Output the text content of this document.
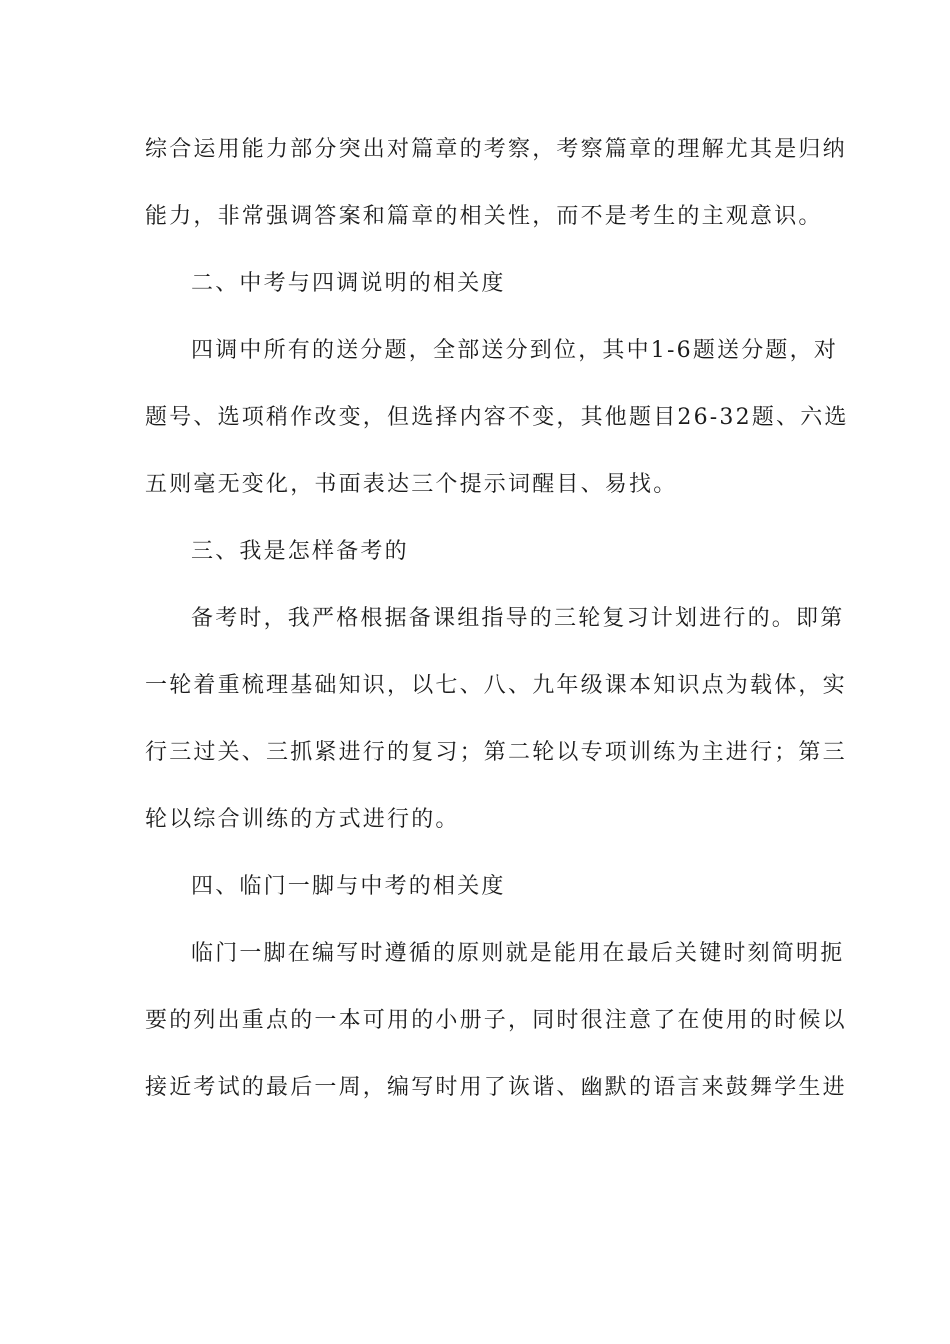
综合运用能力部分突出对篇章的考察，考察篇章的理解尤其是归纳
能力，非常强调答案和篇章的相关性，而不是考生的主观意识。
二、中考与四调说明的相关度
四调中所有的送分题，全部送分到位，其中1-6题送分题，对
题号、选项稍作改变，但选择内容不变，其他题目26-32题、六选
五则毫无变化，书面表达三个提示词醒目、易找。
三、我是怎样备考的
备考时，我严格根据备课组指导的三轮复习计划进行的。即第
一轮着重梳理基础知识，以七、八、九年级课本知识点为载体，实
行三过关、三抓紧进行的复习；第二轮以专项训练为主进行；第三
轮以综合训练的方式进行的。
四、临门一脚与中考的相关度
临门一脚在编写时遵循的原则就是能用在最后关键时刻简明扼
要的列出重点的一本可用的小册子，同时很注意了在使用的时候以
接近考试的最后一周，编写时用了诙谐、幽默的语言来鼓舞学生进
